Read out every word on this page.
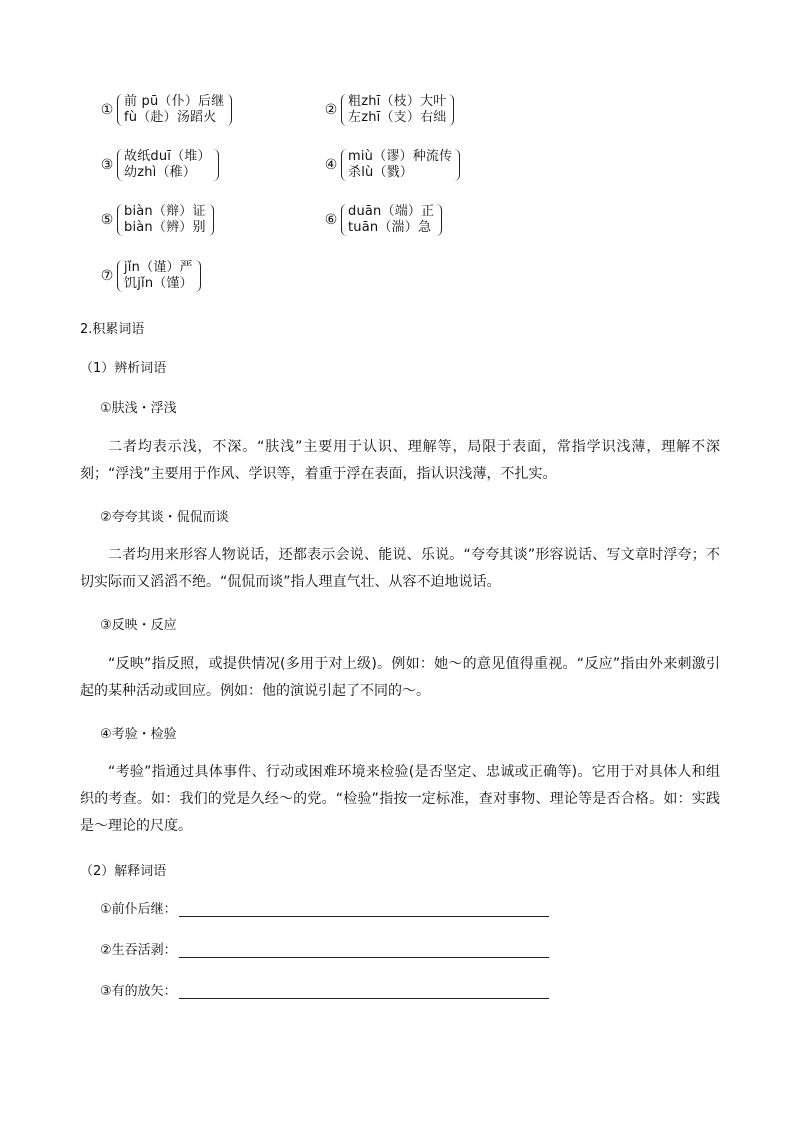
①
前 pū（仆）后继
fù（赴）汤蹈火	②
粗zhī（枝）大叶
左zhī（支）右绌
③
故纸duī（堆）
幼zhì（稚）	④
miù（谬）种流传
杀lù（戮）
⑤
biàn（辩）证
biàn（辨）别	⑥
duān（端）正
tuān（湍）急
⑦
jǐn（谨）严
饥jǐn（馑）
2.积累词语
（1）辨析词语
①肤浅・浮浅

二者均表示浅，不深。“肤浅”主要用于认识、理解等，局限于表面，常指学识浅薄，理解不深刻；“浮浅”主要用于作风、学识等，着重于浮在表面，指认识浅薄，不扎实。

②夸夸其谈・侃侃而谈

二者均用来形容人物说话，还都表示会说、能说、乐说。“夸夸其谈”形容说话、写文章时浮夸；不切实际而又滔滔不绝。“侃侃而谈”指人理直气壮、从容不迫地说话。

③反映・反应

“反映”指反照，或提供情况(多用于对上级)。例如：她～的意见值得重视。“反应”指由外来刺激引起的某种活动或回应。例如：他的演说引起了不同的～。

④考验・检验

“考验”指通过具体事件、行动或困难环境来检验(是否坚定、忠诚或正确等)。它用于对具体人和组织的考查。如：我们的党是久经～的党。“检验”指按一定标准，查对事物、理论等是否合格。如：实践是～理论的尺度。

（2）解释词语
①前仆后继：
②生吞活剥：
③有的放矢：
